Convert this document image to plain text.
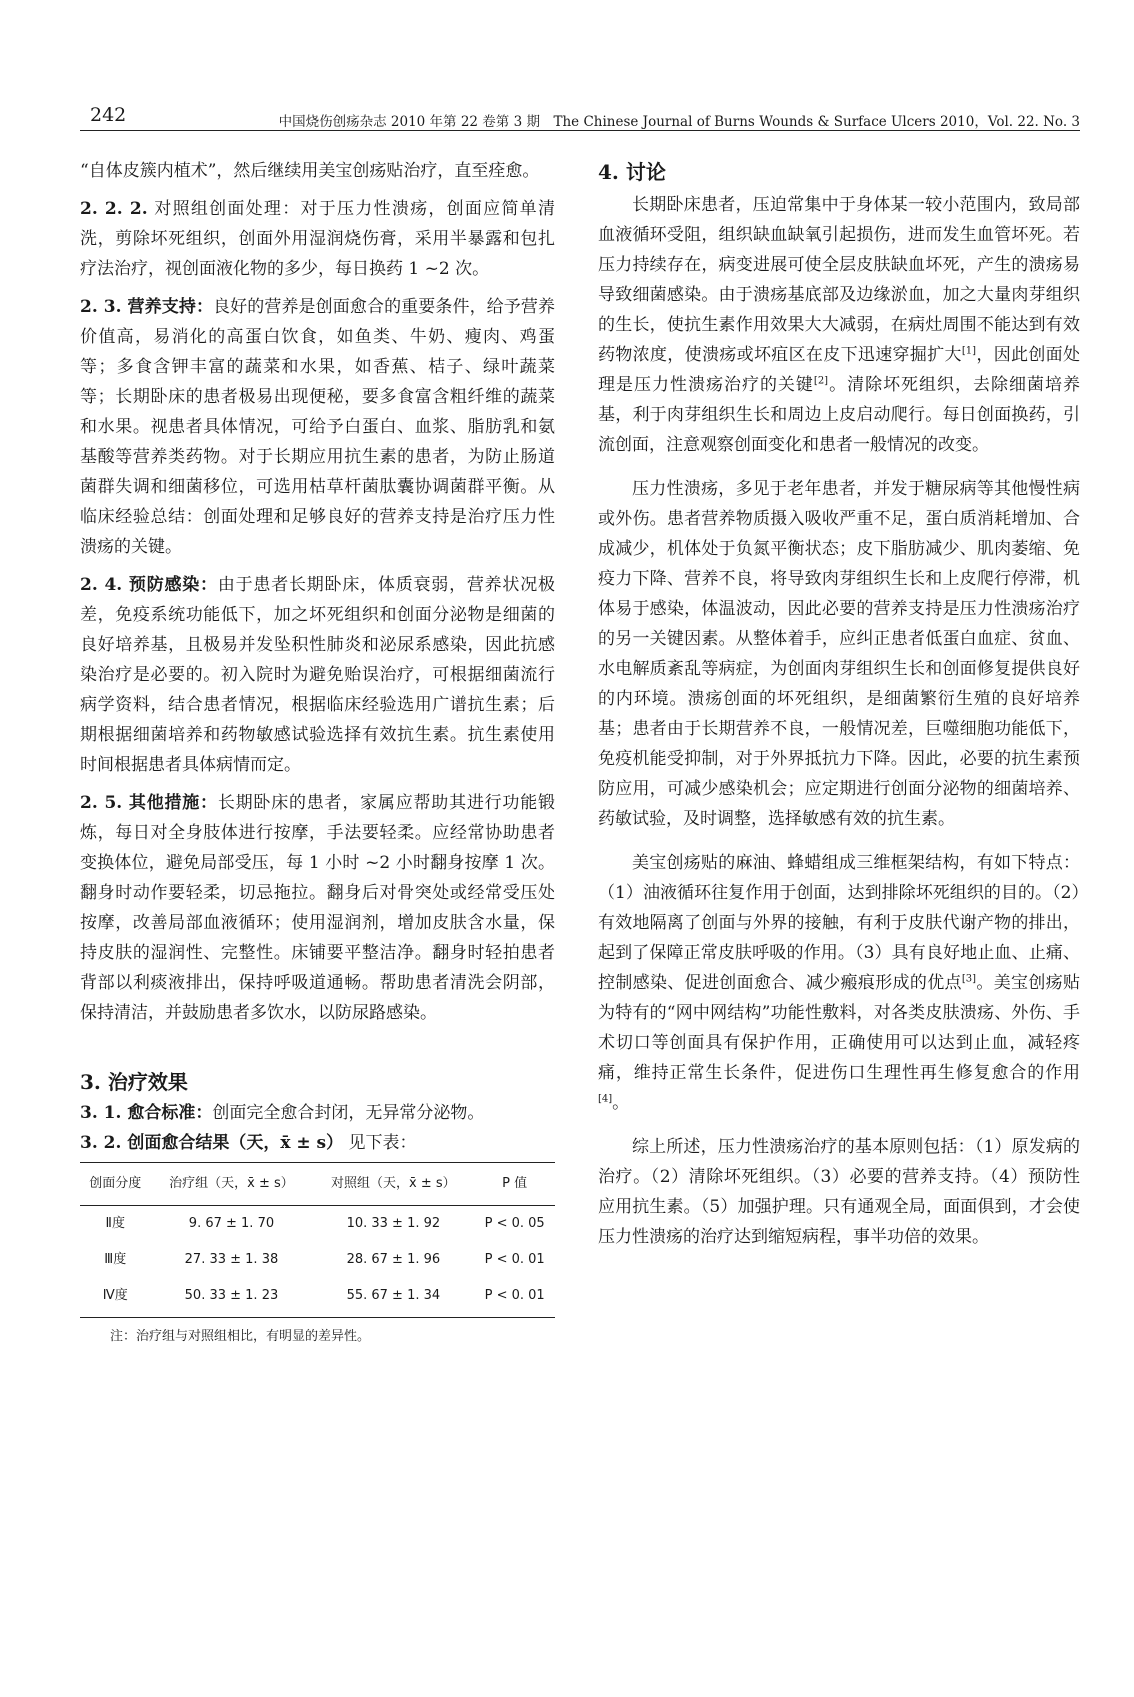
242	中国烧伤创疡杂志 2010 年第 22 卷第 3 期　The Chinese Journal of Burns Wounds & Surface Ulcers 2010，Vol. 22. No. 3

“自体皮簇内植术”，然后继续用美宝创疡贴治疗，直至痊愈。

2. 2. 2. 对照组创面处理：对于压力性溃疡，创面应简单清洗，剪除坏死组织，创面外用湿润烧伤膏，采用半暴露和包扎疗法治疗，视创面液化物的多少，每日换药 1 ~2 次。

2. 3. 营养支持：良好的营养是创面愈合的重要条件，给予营养价值高，易消化的高蛋白饮食，如鱼类、牛奶、瘦肉、鸡蛋等；多食含钾丰富的蔬菜和水果，如香蕉、桔子、绿叶蔬菜等；长期卧床的患者极易出现便秘，要多食富含粗纤维的蔬菜和水果。视患者具体情况，可给予白蛋白、血浆、脂肪乳和氨基酸等营养类药物。对于长期应用抗生素的患者，为防止肠道菌群失调和细菌移位，可选用枯草杆菌肽囊协调菌群平衡。从临床经验总结：创面处理和足够良好的营养支持是治疗压力性溃疡的关键。

2. 4. 预防感染：由于患者长期卧床，体质衰弱，营养状况极差，免疫系统功能低下，加之坏死组织和创面分泌物是细菌的良好培养基，且极易并发坠积性肺炎和泌尿系感染，因此抗感染治疗是必要的。初入院时为避免贻误治疗，可根据细菌流行病学资料，结合患者情况，根据临床经验选用广谱抗生素；后期根据细菌培养和药物敏感试验选择有效抗生素。抗生素使用时间根据患者具体病情而定。

2. 5. 其他措施：长期卧床的患者，家属应帮助其进行功能锻炼，每日对全身肢体进行按摩，手法要轻柔。应经常协助患者变换体位，避免局部受压，每 1 小时 ~2 小时翻身按摩 1 次。翻身时动作要轻柔，切忌拖拉。翻身后对骨突处或经常受压处按摩，改善局部血液循环；使用湿润剂，增加皮肤含水量，保持皮肤的湿润性、完整性。床铺要平整洁净。翻身时轻拍患者背部以利痰液排出，保持呼吸道通畅。帮助患者清洗会阴部，保持清洁，并鼓励患者多饮水，以防尿路感染。

3. 治疗效果

3. 1. 愈合标准：创面完全愈合封闭，无异常分泌物。

3. 2. 创面愈合结果（天，x̄ ± s） 见下表：

创面分度	治疗组（天，x̄ ± s）	对照组（天，x̄ ± s）	P 值
Ⅱ度	9. 67 ± 1. 70	10. 33 ± 1. 92	P < 0. 05
Ⅲ度	27. 33 ± 1. 38	28. 67 ± 1. 96	P < 0. 01
Ⅳ度	50. 33 ± 1. 23	55. 67 ± 1. 34	P < 0. 01

注：治疗组与对照组相比，有明显的差异性。

4. 讨论

长期卧床患者，压迫常集中于身体某一较小范围内，致局部血液循环受阻，组织缺血缺氧引起损伤，进而发生血管坏死。若压力持续存在，病变进展可使全层皮肤缺血坏死，产生的溃疡易导致细菌感染。由于溃疡基底部及边缘淤血，加之大量肉芽组织的生长，使抗生素作用效果大大减弱，在病灶周围不能达到有效药物浓度，使溃疡或坏疽区在皮下迅速穿掘扩大[1]，因此创面处理是压力性溃疡治疗的关键[2]。清除坏死组织，去除细菌培养基，利于肉芽组织生长和周边上皮启动爬行。每日创面换药，引流创面，注意观察创面变化和患者一般情况的改变。

压力性溃疡，多见于老年患者，并发于糖尿病等其他慢性病或外伤。患者营养物质摄入吸收严重不足，蛋白质消耗增加、合成减少，机体处于负氮平衡状态；皮下脂肪减少、肌肉萎缩、免疫力下降、营养不良，将导致肉芽组织生长和上皮爬行停滞，机体易于感染，体温波动，因此必要的营养支持是压力性溃疡治疗的另一关键因素。从整体着手，应纠正患者低蛋白血症、贫血、水电解质紊乱等病症，为创面肉芽组织生长和创面修复提供良好的内环境。溃疡创面的坏死组织，是细菌繁衍生殖的良好培养基；患者由于长期营养不良，一般情况差，巨噬细胞功能低下，免疫机能受抑制，对于外界抵抗力下降。因此，必要的抗生素预防应用，可减少感染机会；应定期进行创面分泌物的细菌培养、药敏试验，及时调整，选择敏感有效的抗生素。

美宝创疡贴的麻油、蜂蜡组成三维框架结构，有如下特点：（1）油液循环往复作用于创面，达到排除坏死组织的目的。（2）有效地隔离了创面与外界的接触，有利于皮肤代谢产物的排出，起到了保障正常皮肤呼吸的作用。（3）具有良好地止血、止痛、控制感染、促进创面愈合、减少瘢痕形成的优点[3]。美宝创疡贴为特有的“网中网结构”功能性敷料，对各类皮肤溃疡、外伤、手术切口等创面具有保护作用，正确使用可以达到止血，减轻疼痛，维持正常生长条件，促进伤口生理性再生修复愈合的作用[4]。

综上所述，压力性溃疡治疗的基本原则包括：（1）原发病的治疗。（2）清除坏死组织。（3）必要的营养支持。（4）预防性应用抗生素。（5）加强护理。只有通观全局，面面俱到，才会使压力性溃疡的治疗达到缩短病程，事半功倍的效果。
